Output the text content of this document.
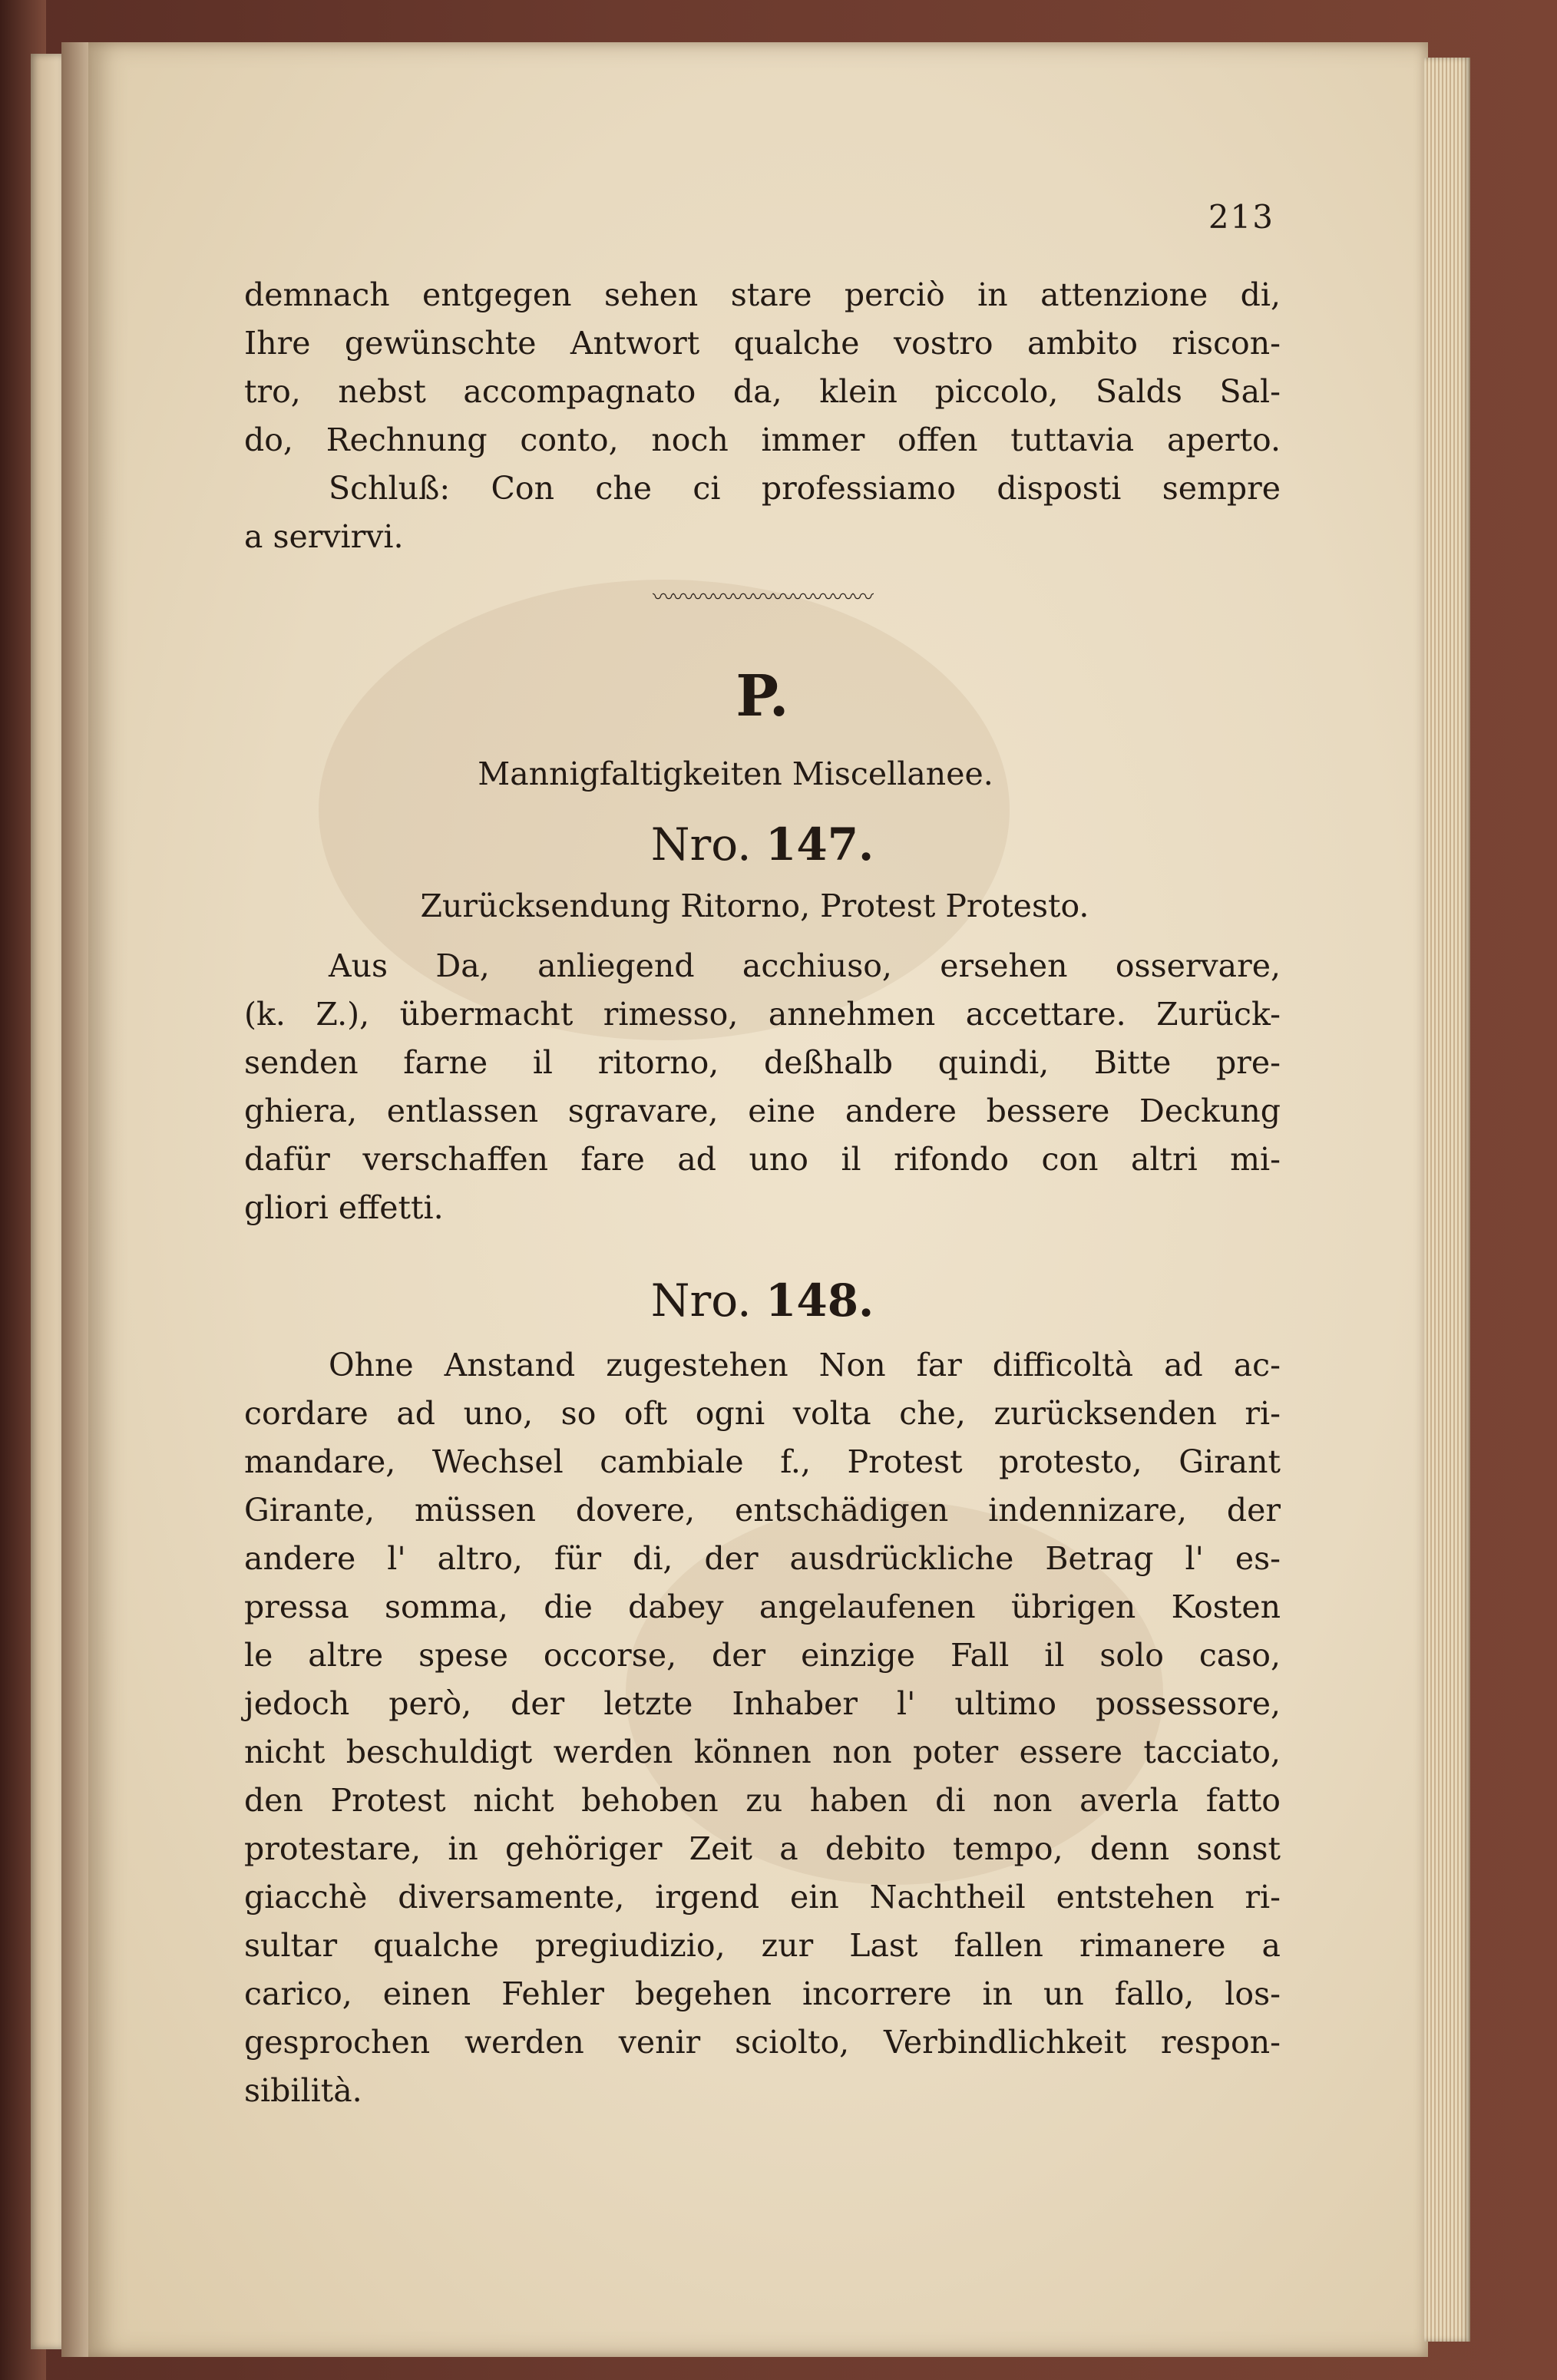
213
demnach entgegen sehen stare perciò in attenzione di,
Ihre gewünschte Antwort qualche vostro ambito riscon-
tro, nebst accompagnato da, klein piccolo, Salds Sal-
do, Rechnung conto, noch immer offen tuttavia aperto.
Schluß: Con che ci professiamo disposti sempre
a servirvi.
〰〰〰〰〰〰〰〰〰〰〰
P.
Mannigfaltigkeiten Miscellanee.
Nro. 147.
Zurücksendung Ritorno, Protest Protesto.
Aus Da, anliegend acchiuso, ersehen osservare,
(k. Z.), übermacht rimesso, annehmen accettare. Zurück-
senden farne il ritorno, deßhalb quindi, Bitte pre-
ghiera, entlassen sgravare, eine andere bessere Deckung
dafür verschaffen fare ad uno il rifondo con altri mi-
gliori effetti.
Nro. 148.
Ohne Anstand zugestehen Non far difficoltà ad ac-
cordare ad uno, so oft ogni volta che, zurücksenden ri-
mandare, Wechsel cambiale f., Protest protesto, Girant
Girante, müssen dovere, entschädigen indennizare, der
andere l' altro, für di, der ausdrückliche Betrag l' es-
pressa somma, die dabey angelaufenen übrigen Kosten
le altre spese occorse, der einzige Fall il solo caso,
jedoch però, der letzte Inhaber l' ultimo possessore,
nicht beschuldigt werden können non poter essere tacciato,
den Protest nicht behoben zu haben di non averla fatto
protestare, in gehöriger Zeit a debito tempo, denn sonst
giacchè diversamente, irgend ein Nachtheil entstehen ri-
sultar qualche pregiudizio, zur Last fallen rimanere a
carico, einen Fehler begehen incorrere in un fallo, los-
gesprochen werden venir sciolto, Verbindlichkeit respon-
sibilità.
